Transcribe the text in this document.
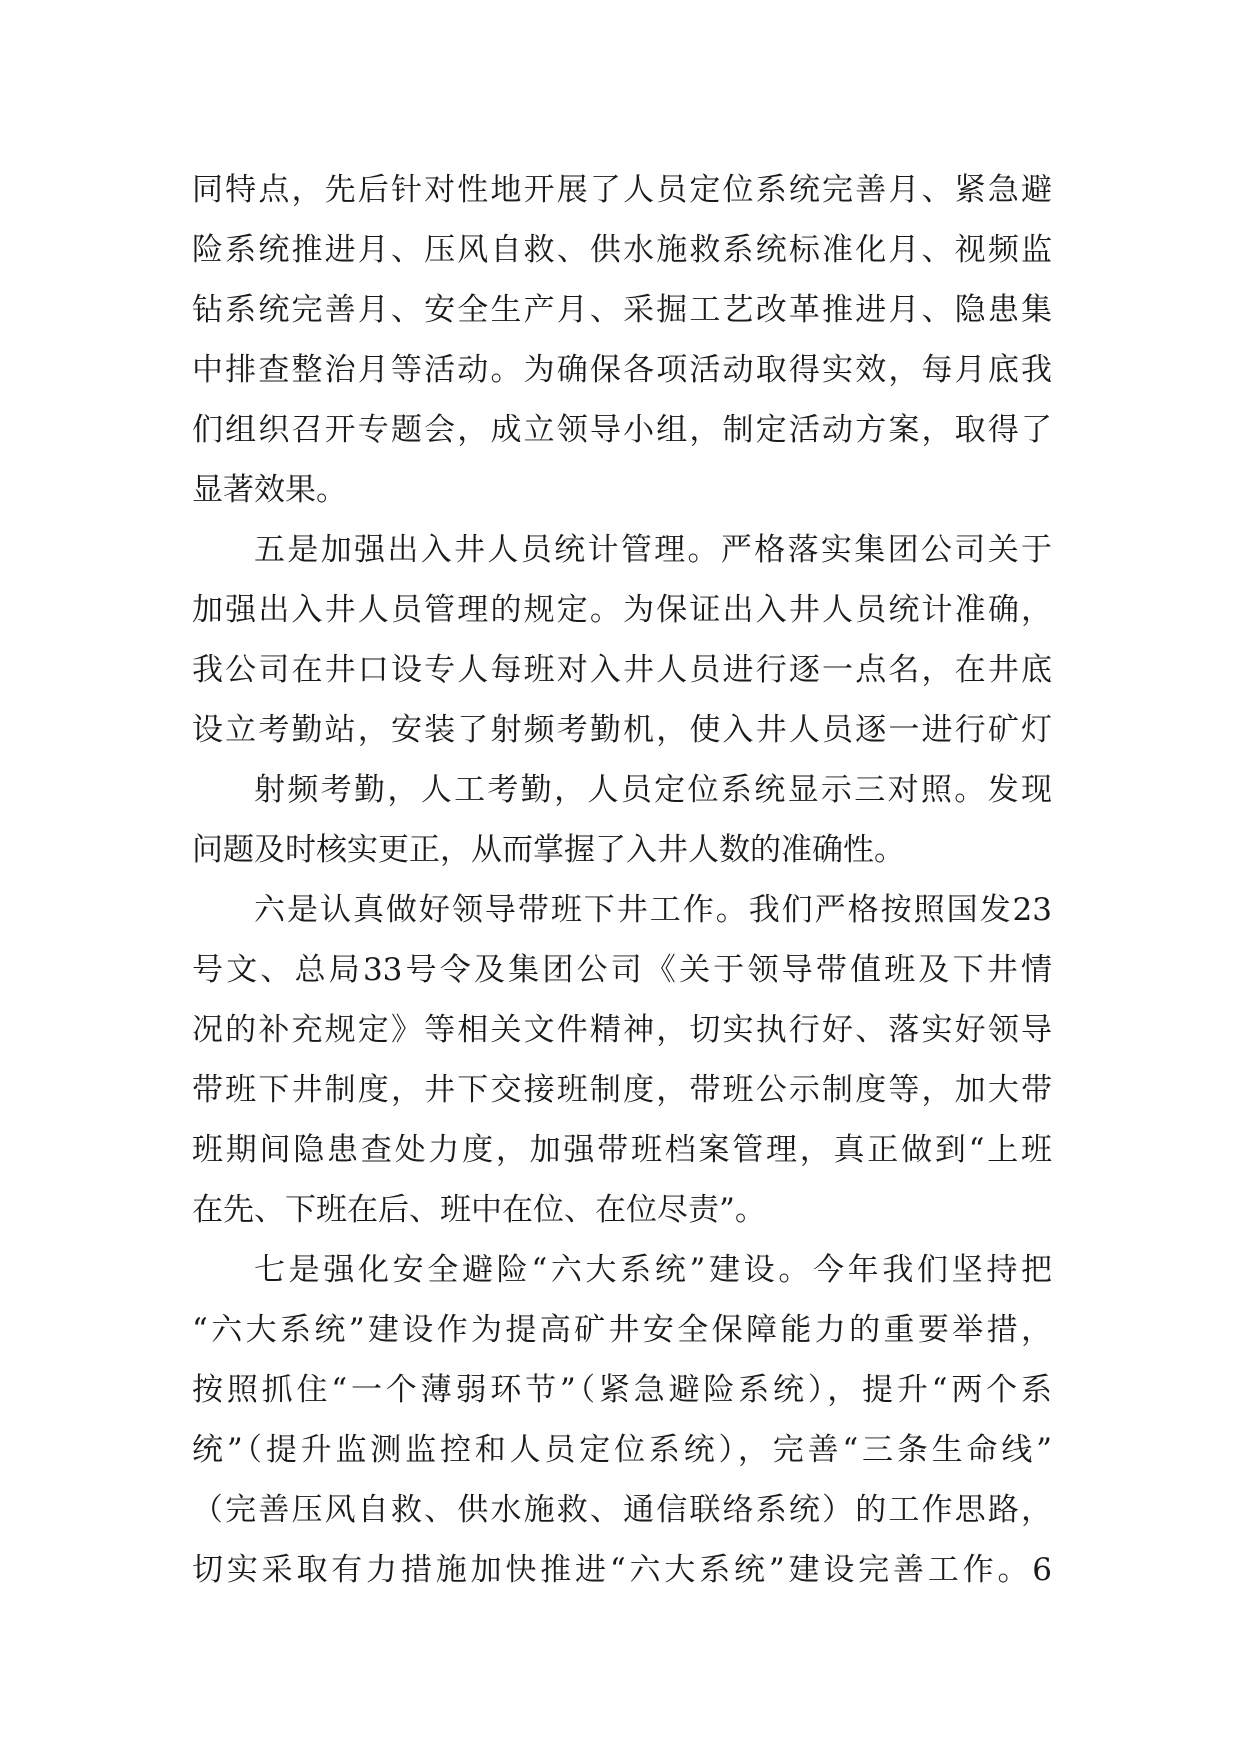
同特点，先后针对性地开展了人员定位系统完善月、紧急避
险系统推进月、压风自救、供水施救系统标准化月、视频监
钻系统完善月、安全生产月、采掘工艺改革推进月、隐患集
中排查整治月等活动。为确保各项活动取得实效，每月底我
们组织召开专题会，成立领导小组，制定活动方案，取得了
显著效果。
五是加强出入井人员统计管理。严格落实集团公司关于
加强出入井人员管理的规定。为保证出入井人员统计准确，
我公司在井口设专人每班对入井人员进行逐一点名，在井底
设立考勤站，安装了射频考勤机，使入井人员逐一进行矿灯
射频考勤，人工考勤，人员定位系统显示三对照。发现
问题及时核实更正，从而掌握了入井人数的准确性。
六是认真做好领导带班下井工作。我们严格按照国发23
号文、总局33号令及集团公司《关于领导带值班及下井情
况的补充规定》等相关文件精神，切实执行好、落实好领导
带班下井制度，井下交接班制度，带班公示制度等，加大带
班期间隐患查处力度，加强带班档案管理，真正做到“上班
在先、下班在后、班中在位、在位尽责”。
七是强化安全避险“六大系统”建设。今年我们坚持把
“六大系统”建设作为提高矿井安全保障能力的重要举措，
按照抓住“一个薄弱环节”（紧急避险系统），提升“两个系
统”（提升监测监控和人员定位系统），完善“三条生命线”
（完善压风自救、供水施救、通信联络系统）的工作思路，
切实采取有力措施加快推进“六大系统”建设完善工作。6
